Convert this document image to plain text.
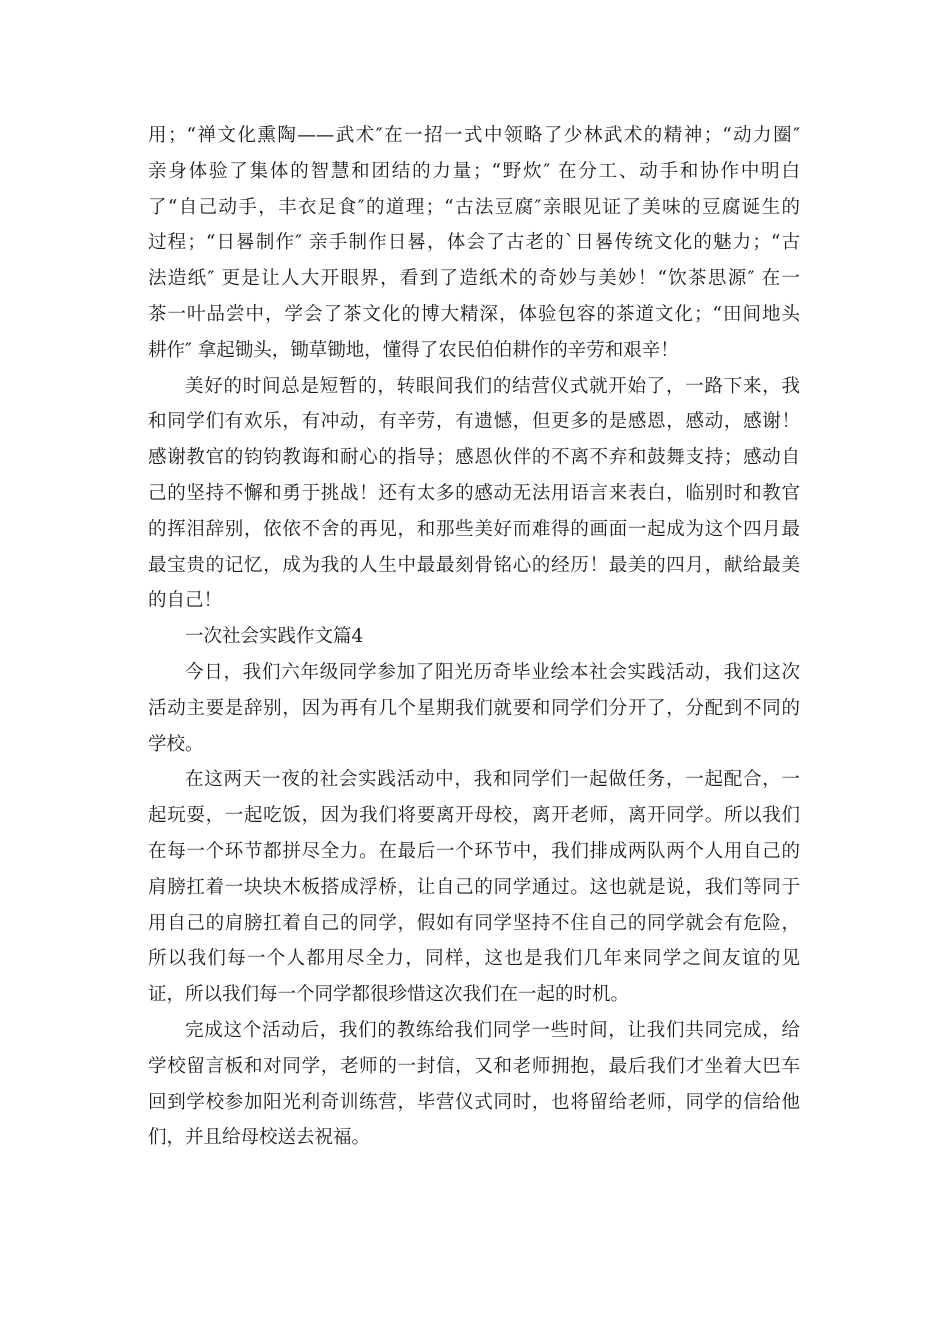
用；“禅文化熏陶——武术″在一招一式中领略了少林武术的精神；“动力圈″
亲身体验了集体的智慧和团结的力量；“野炊″ 在分工、动手和协作中明白
了“自己动手，丰衣足食″的道理；“古法豆腐″亲眼见证了美味的豆腐诞生的
过程；“日晷制作″ 亲手制作日晷，体会了古老的`日晷传统文化的魅力；“古
法造纸″ 更是让人大开眼界，看到了造纸术的奇妙与美妙！“饮茶思源″ 在一
茶一叶品尝中，学会了茶文化的博大精深，体验包容的茶道文化；“田间地头
耕作″ 拿起锄头，锄草锄地，懂得了农民伯伯耕作的辛劳和艰辛！
美好的时间总是短暂的，转眼间我们的结营仪式就开始了，一路下来，我
和同学们有欢乐，有冲动，有辛劳，有遗憾，但更多的是感恩，感动，感谢！
感谢教官的钧钧教诲和耐心的指导；感恩伙伴的不离不弃和鼓舞支持；感动自
己的坚持不懈和勇于挑战！还有太多的感动无法用语言来表白，临别时和教官
的挥泪辞别，依依不舍的再见，和那些美好而难得的画面一起成为这个四月最
最宝贵的记忆，成为我的人生中最最刻骨铭心的经历！最美的四月，献给最美
的自己！
一次社会实践作文篇4
今日，我们六年级同学参加了阳光历奇毕业绘本社会实践活动，我们这次
活动主要是辞别，因为再有几个星期我们就要和同学们分开了，分配到不同的
学校。
在这两天一夜的社会实践活动中，我和同学们一起做任务，一起配合，一
起玩耍，一起吃饭，因为我们将要离开母校，离开老师，离开同学。所以我们
在每一个环节都拼尽全力。在最后一个环节中，我们排成两队两个人用自己的
肩膀扛着一块块木板搭成浮桥，让自己的同学通过。这也就是说，我们等同于
用自己的肩膀扛着自己的同学，假如有同学坚持不住自己的同学就会有危险，
所以我们每一个人都用尽全力，同样，这也是我们几年来同学之间友谊的见
证，所以我们每一个同学都很珍惜这次我们在一起的时机。
完成这个活动后，我们的教练给我们同学一些时间，让我们共同完成，给
学校留言板和对同学，老师的一封信，又和老师拥抱，最后我们才坐着大巴车
回到学校参加阳光利奇训练营，毕营仪式同时，也将留给老师，同学的信给他
们，并且给母校送去祝福。
